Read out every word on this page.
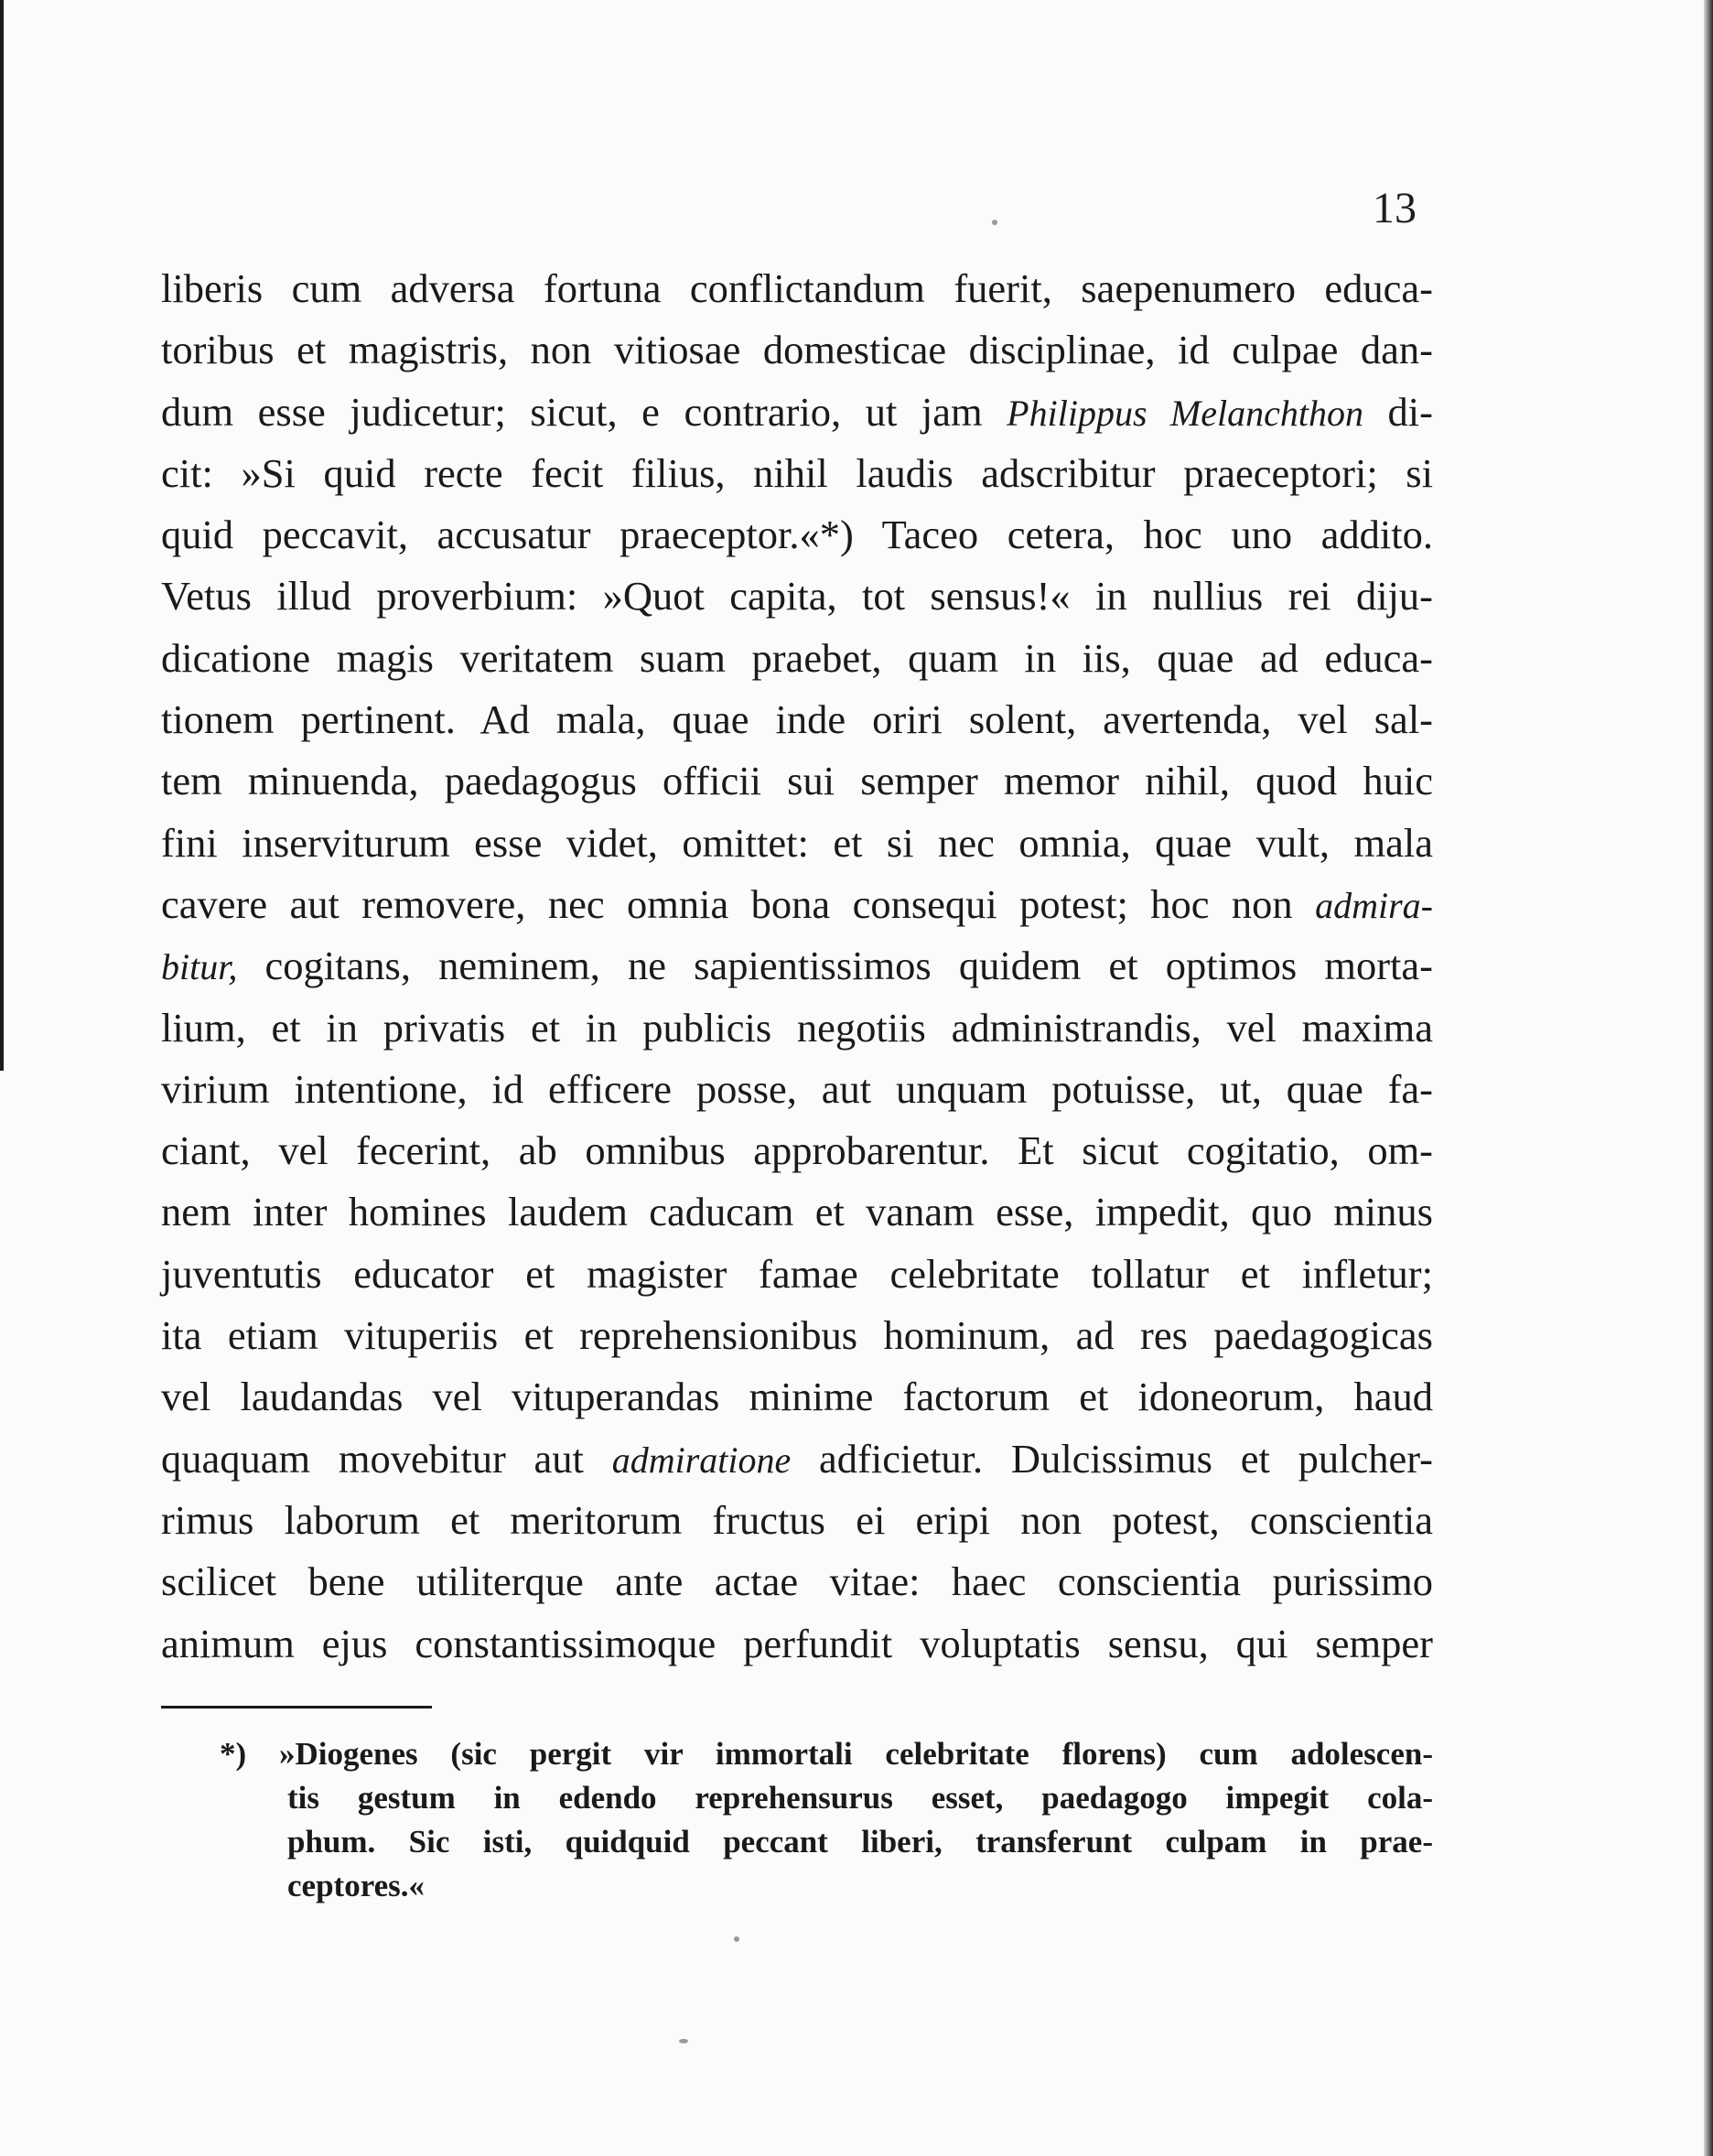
13
liberis cum adversa fortuna conflictandum fuerit, saepenumero educa-
toribus et magistris, non vitiosae domesticae disciplinae, id culpae dan-
dum esse judicetur; sicut, e contrario, ut jam Philippus Melanchthon di-
cit: »Si quid recte fecit filius, nihil laudis adscribitur praeceptori; si
quid peccavit, accusatur praeceptor.«*) Taceo cetera, hoc uno addito.
Vetus illud proverbium: »Quot capita, tot sensus!« in nullius rei diju-
dicatione magis veritatem suam praebet, quam in iis, quae ad educa-
tionem pertinent. Ad mala, quae inde oriri solent, avertenda, vel sal-
tem minuenda, paedagogus officii sui semper memor nihil, quod huic
fini inserviturum esse videt, omittet: et si nec omnia, quae vult, mala
cavere aut removere, nec omnia bona consequi potest; hoc non admira-
bitur, cogitans, neminem, ne sapientissimos quidem et optimos morta-
lium, et in privatis et in publicis negotiis administrandis, vel maxima
virium intentione, id efficere posse, aut unquam potuisse, ut, quae fa-
ciant, vel fecerint, ab omnibus approbarentur. Et sicut cogitatio, om-
nem inter homines laudem caducam et vanam esse, impedit, quo minus
juventutis educator et magister famae celebritate tollatur et infletur;
ita etiam vituperiis et reprehensionibus hominum, ad res paedagogicas
vel laudandas vel vituperandas minime factorum et idoneorum, haud
quaquam movebitur aut admiratione adficietur. Dulcissimus et pulcher-
rimus laborum et meritorum fructus ei eripi non potest, conscientia
scilicet bene utiliterque ante actae vitae: haec conscientia purissimo
animum ejus constantissimoque perfundit voluptatis sensu, qui semper
*) »Diogenes (sic pergit vir immortali celebritate florens) cum adolescen-
tis gestum in edendo reprehensurus esset, paedagogo impegit cola-
phum. Sic isti, quidquid peccant liberi, transferunt culpam in prae-
ceptores.«
